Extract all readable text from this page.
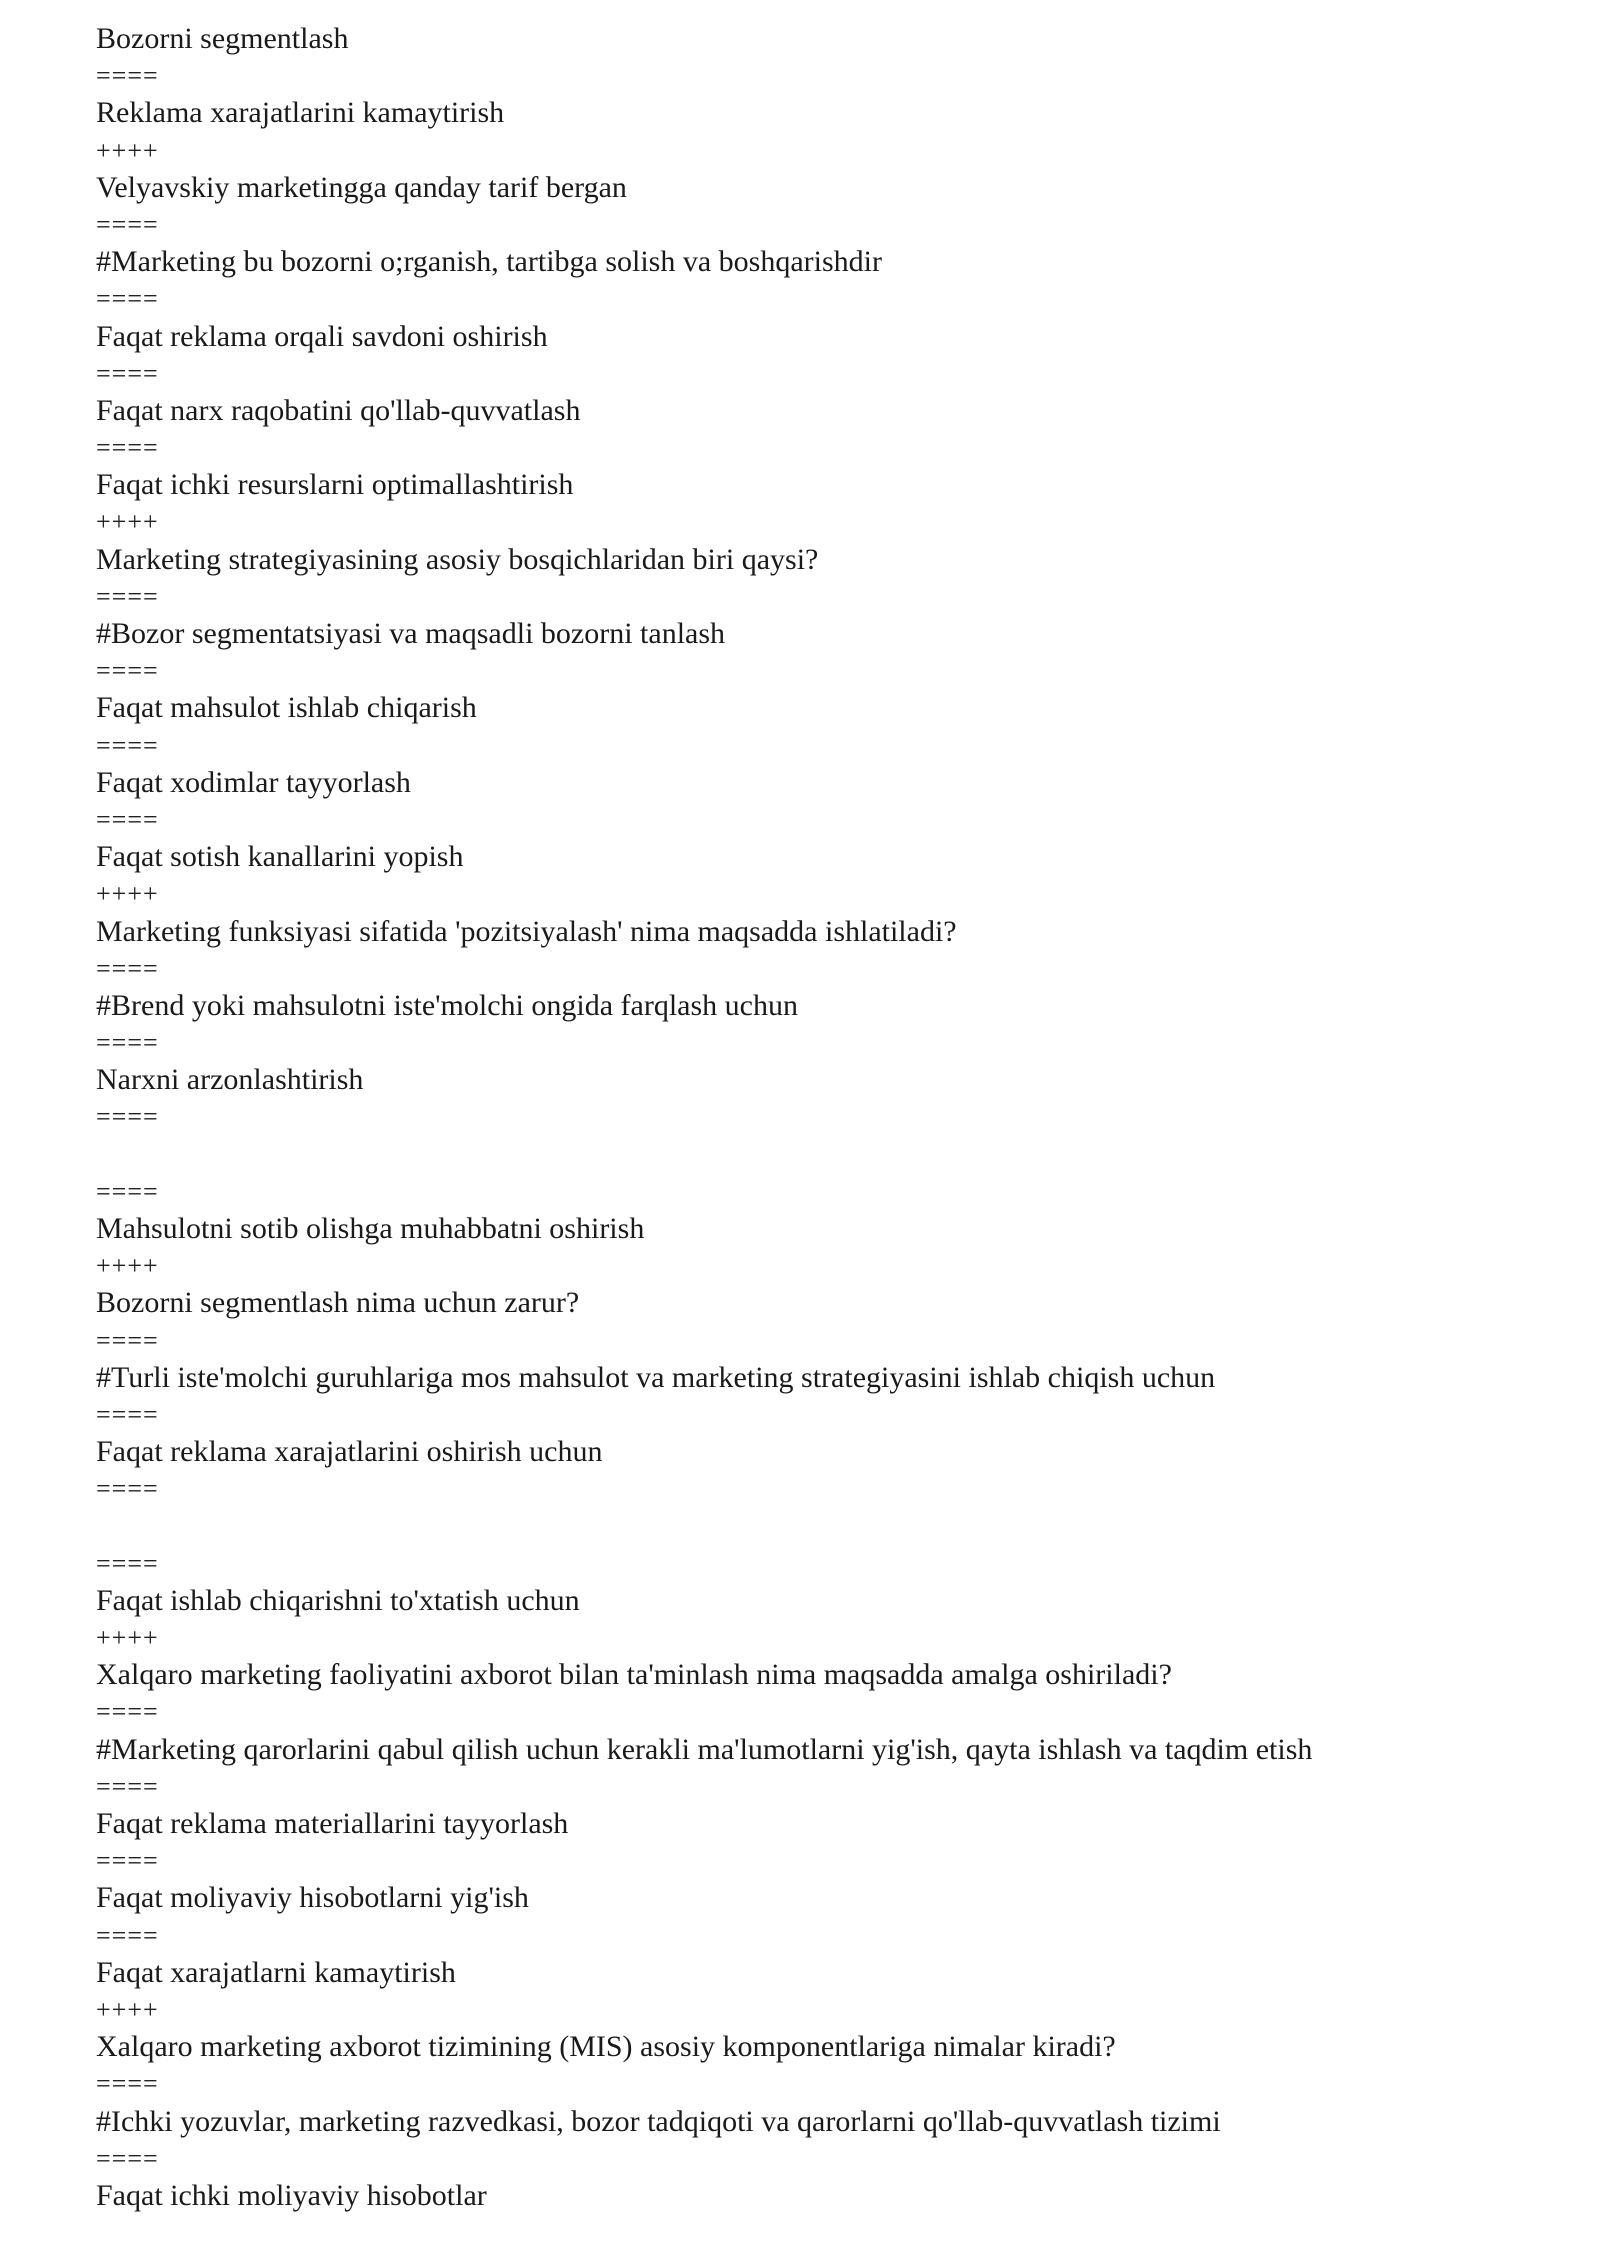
Bozorni segmentlash
====
Reklama xarajatlarini kamaytirish
++++
Velyavskiy marketingga qanday tarif bergan
====
#Marketing bu bozorni o;rganish, tartibga solish va boshqarishdir
====
Faqat reklama orqali savdoni oshirish
====
Faqat narx raqobatini qo'llab-quvvatlash
====
Faqat ichki resurslarni optimallashtirish
++++
Marketing strategiyasining asosiy bosqichlaridan biri qaysi?
====
#Bozor segmentatsiyasi va maqsadli bozorni tanlash
====
Faqat mahsulot ishlab chiqarish
====
Faqat xodimlar tayyorlash
====
Faqat sotish kanallarini yopish
++++
Marketing funksiyasi sifatida 'pozitsiyalash' nima maqsadda ishlatiladi?
====
#Brend yoki mahsulotni iste'molchi ongida farqlash uchun
====
Narxni arzonlashtirish
====
====
Mahsulotni sotib olishga muhabbatni oshirish
++++
Bozorni segmentlash nima uchun zarur?
====
#Turli iste'molchi guruhlariga mos mahsulot va marketing strategiyasini ishlab chiqish uchun
====
Faqat reklama xarajatlarini oshirish uchun
====
====
Faqat ishlab chiqarishni to'xtatish uchun
++++
Xalqaro marketing faoliyatini axborot bilan ta'minlash nima maqsadda amalga oshiriladi?
====
#Marketing qarorlarini qabul qilish uchun kerakli ma'lumotlarni yig'ish, qayta ishlash va taqdim etish
====
Faqat reklama materiallarini tayyorlash
====
Faqat moliyaviy hisobotlarni yig'ish
====
Faqat xarajatlarni kamaytirish
++++
Xalqaro marketing axborot tizimining (MIS) asosiy komponentlariga nimalar kiradi?
====
#Ichki yozuvlar, marketing razvedkasi, bozor tadqiqoti va qarorlarni qo'llab-quvvatlash tizimi
====
Faqat ichki moliyaviy hisobotlar
